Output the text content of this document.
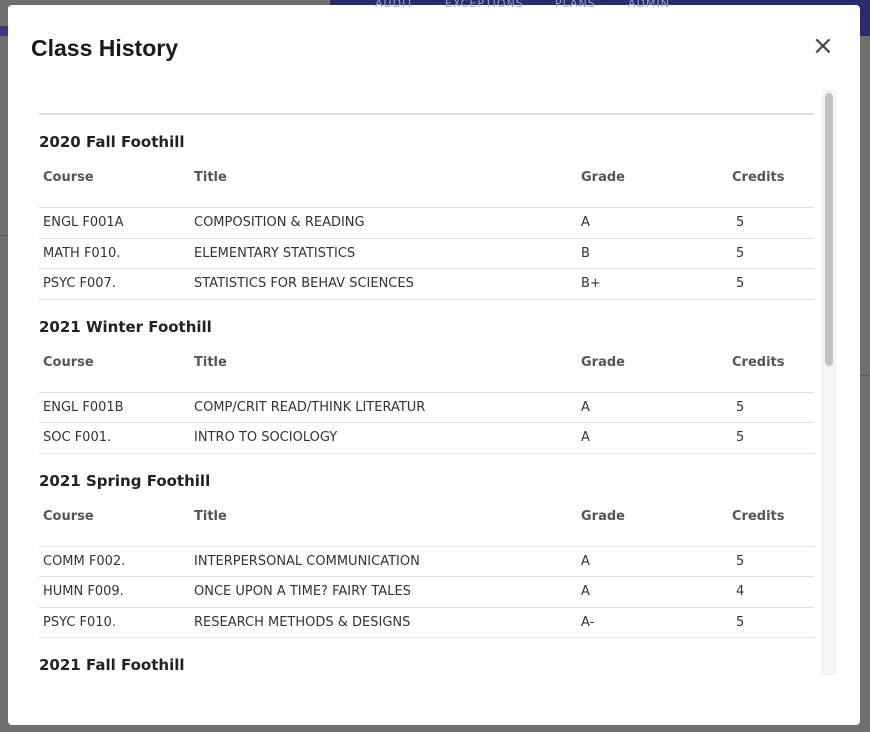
AUDIT	EXCEPTIONS	PLANS	ADMIN
Class History	×
2020 Fall Foothill
Course	Title	Grade	Credits
ENGL F001A	COMPOSITION & READING	A	5
MATH F010.	ELEMENTARY STATISTICS	B	5
PSYC F007.	STATISTICS FOR BEHAV SCIENCES	B+	5
2021 Winter Foothill
Course	Title	Grade	Credits
ENGL F001B	COMP/CRIT READ/THINK LITERATUR	A	5
SOC F001.	INTRO TO SOCIOLOGY	A	5
2021 Spring Foothill
Course	Title	Grade	Credits
COMM F002.	INTERPERSONAL COMMUNICATION	A	5
HUMN F009.	ONCE UPON A TIME? FAIRY TALES	A	4
PSYC F010.	RESEARCH METHODS & DESIGNS	A-	5
2021 Fall Foothill
